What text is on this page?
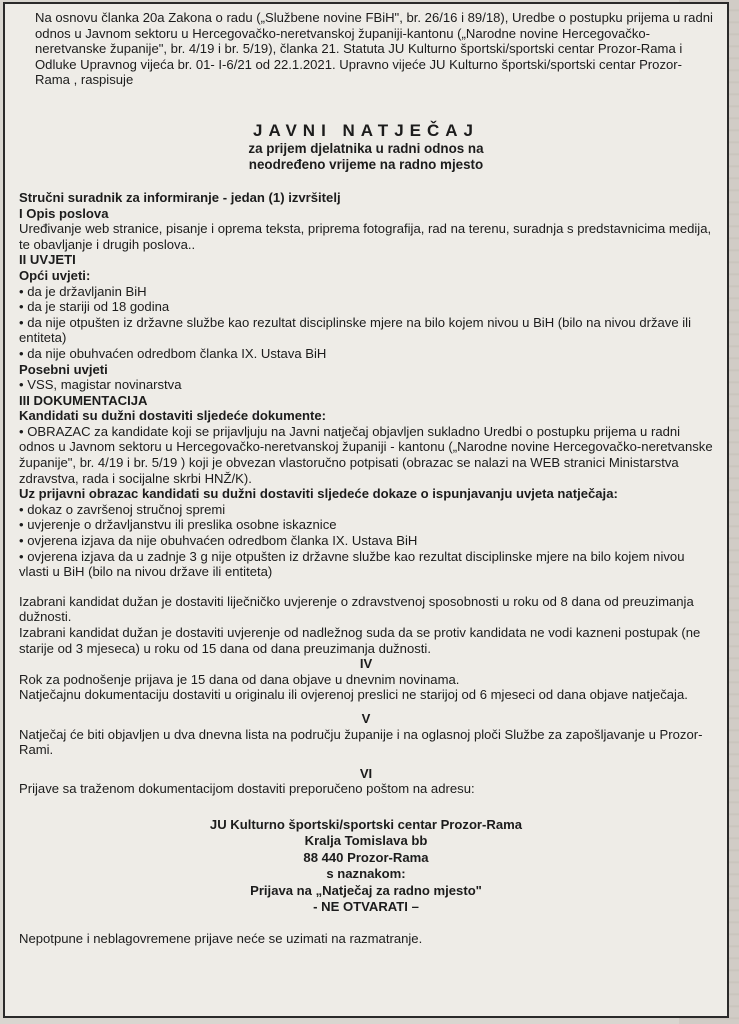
Na osnovu članka 20a Zakona o radu („Službene novine FBiH", br. 26/16 i 89/18), Uredbe o postupku prijema u radni odnos u Javnom sektoru u Hercegovačko-neretvanskoj županiji-kantonu („Narodne novine Hercegovačko-neretvanske županije", br. 4/19 i br. 5/19), članka 21. Statuta JU Kulturno športski/sportski centar Prozor-Rama i Odluke Upravnog vijeća br. 01- I-6/21 od 22.1.2021. Upravno vijeće JU Kulturno športski/sportski centar Prozor-Rama , raspisuje

JAVNI NATJEČAJ
za prijem djelatnika u radni odnos na
neodređeno vrijeme na radno mjesto

Stručni suradnik za informiranje - jedan (1) izvršitelj

I Opis poslova

Uređivanje web stranice, pisanje i oprema teksta, priprema fotografija, rad na terenu, suradnja s predstavnicima medija, te obavljanje i drugih poslova..

II UVJETI

Opći uvjeti:

• da je državljanin BiH

• da je stariji od 18 godina

• da nije otpušten iz državne službe kao rezultat disciplinske mjere na bilo kojem nivou u BiH (bilo na nivou države ili entiteta)

• da nije obuhvaćen odredbom članka IX. Ustava BiH

Posebni uvjeti

• VSS, magistar novinarstva

III DOKUMENTACIJA

Kandidati su dužni dostaviti sljedeće dokumente:

• OBRAZAC za kandidate koji se prijavljuju na Javni natječaj objavljen sukladno Uredbi o postupku prijema u radni odnos u Javnom sektoru u Hercegovačko-neretvanskoj županiji - kantonu („Narodne novine Hercegovačko-neretvanske županije", br. 4/19 i br. 5/19 ) koji je obvezan vlastoručno potpisati (obrazac se nalazi na WEB stranici Ministarstva zdravstva, rada i socijalne skrbi HNŽ/K).

Uz prijavni obrazac kandidati su dužni dostaviti sljedeće dokaze o ispunjavanju uvjeta natječaja:

• dokaz o završenoj stručnoj spremi

• uvjerenje o državljanstvu ili preslika osobne iskaznice

• ovjerena izjava da nije obuhvaćen odredbom članka IX. Ustava BiH

• ovjerena izjava da u zadnje 3 g nije otpušten iz državne službe kao rezultat disciplinske mjere na bilo kojem nivou vlasti u BiH (bilo na nivou države ili entiteta)

Izabrani kandidat dužan je dostaviti liječničko uvjerenje o zdravstvenoj sposobnosti u roku od 8 dana od preuzimanja dužnosti.

Izabrani kandidat dužan je dostaviti uvjerenje od nadležnog suda da se protiv kandidata ne vodi kazneni postupak (ne starije od 3 mjeseca) u roku od 15 dana od dana preuzimanja dužnosti.

IV

Rok za podnošenje prijava je 15 dana od dana objave u dnevnim novinama.

Natječajnu dokumentaciju dostaviti u originalu ili ovjerenoj preslici ne starijoj od 6 mjeseci od dana objave natječaja.

V

Natječaj će biti objavljen u dva dnevna lista na području županije i na oglasnoj ploči Službe za zapošljavanje u Prozor-Rami.

VI

Prijave sa traženom dokumentacijom dostaviti preporučeno poštom na adresu:

JU Kulturno športski/sportski centar Prozor-Rama
Kralja Tomislava bb
88 440 Prozor-Rama
s naznakom:
Prijava na „Natječaj za radno mjesto"
- NE OTVARATI –

Nepotpune i neblagovremene prijave neće se uzimati na razmatranje.
